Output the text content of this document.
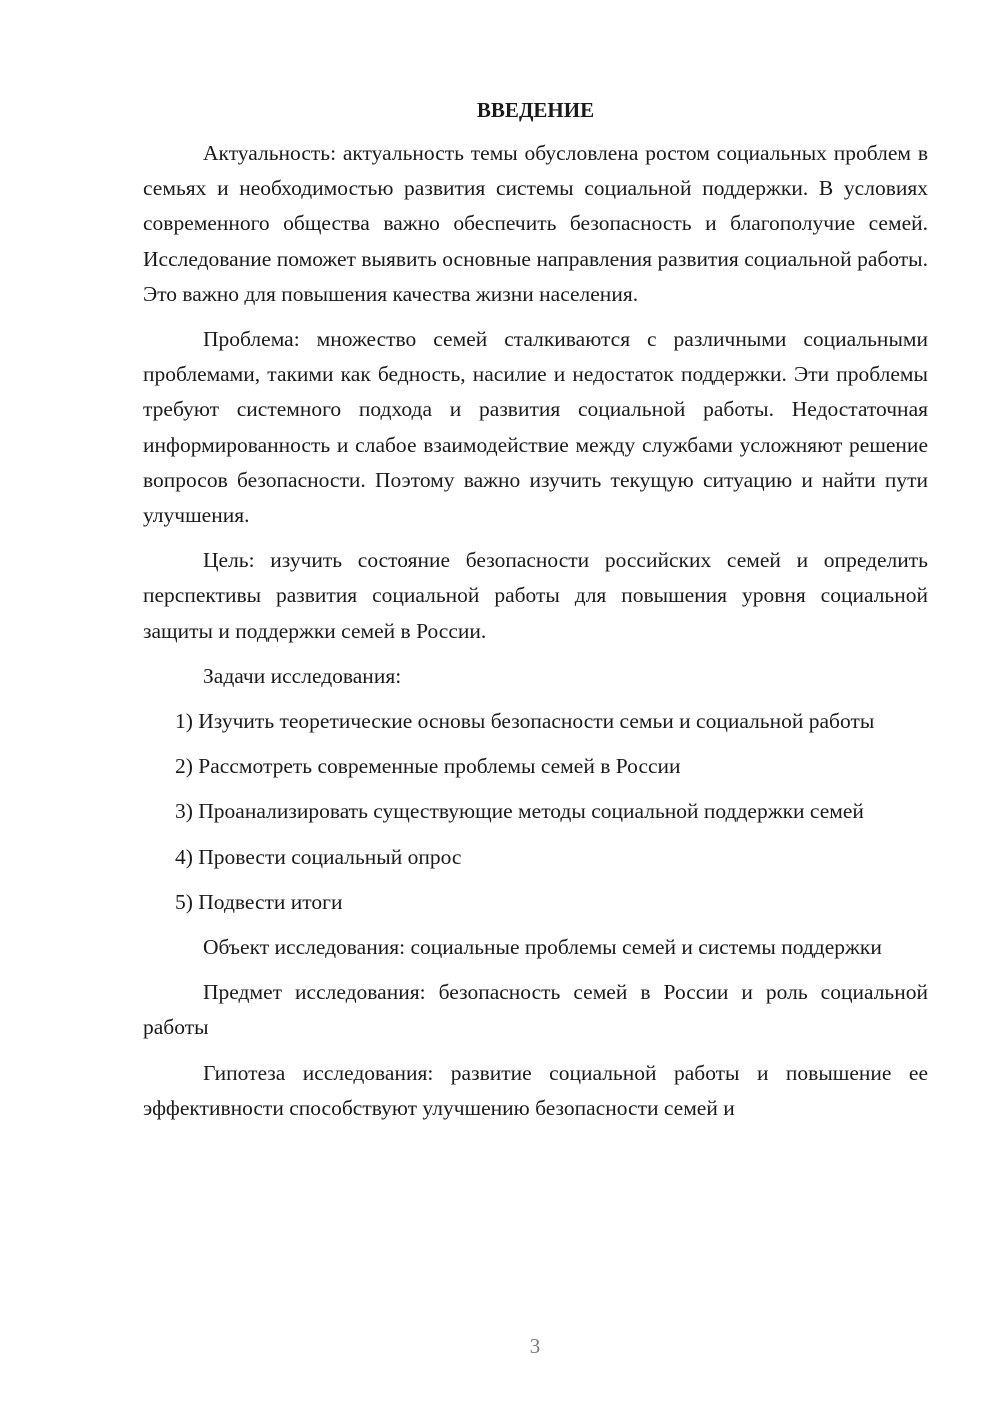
ВВЕДЕНИЕ

Актуальность: актуальность темы обусловлена ростом социальных проблем в семьях и необходимостью развития системы социальной поддержки. В условиях современного общества важно обеспечить безопасность и благополучие семей. Исследование поможет выявить основные направления развития социальной работы. Это важно для повышения качества жизни населения.

Проблема: множество семей сталкиваются с различными социальными проблемами, такими как бедность, насилие и недостаток поддержки. Эти проблемы требуют системного подхода и развития социальной работы. Недостаточная информированность и слабое взаимодействие между службами усложняют решение вопросов безопасности. Поэтому важно изучить текущую ситуацию и найти пути улучшения.

Цель: изучить состояние безопасности российских семей и определить перспективы развития социальной работы для повышения уровня социальной защиты и поддержки семей в России.

Задачи исследования:

1) Изучить теоретические основы безопасности семьи и социальной работы

2) Рассмотреть современные проблемы семей в России

3) Проанализировать существующие методы социальной поддержки семей

4) Провести социальный опрос

5) Подвести итоги

Объект исследования: социальные проблемы семей и системы поддержки

Предмет исследования: безопасность семей в России и роль социальной работы

Гипотеза исследования: развитие социальной работы и повышение ее эффективности способствуют улучшению безопасности семей и

3
